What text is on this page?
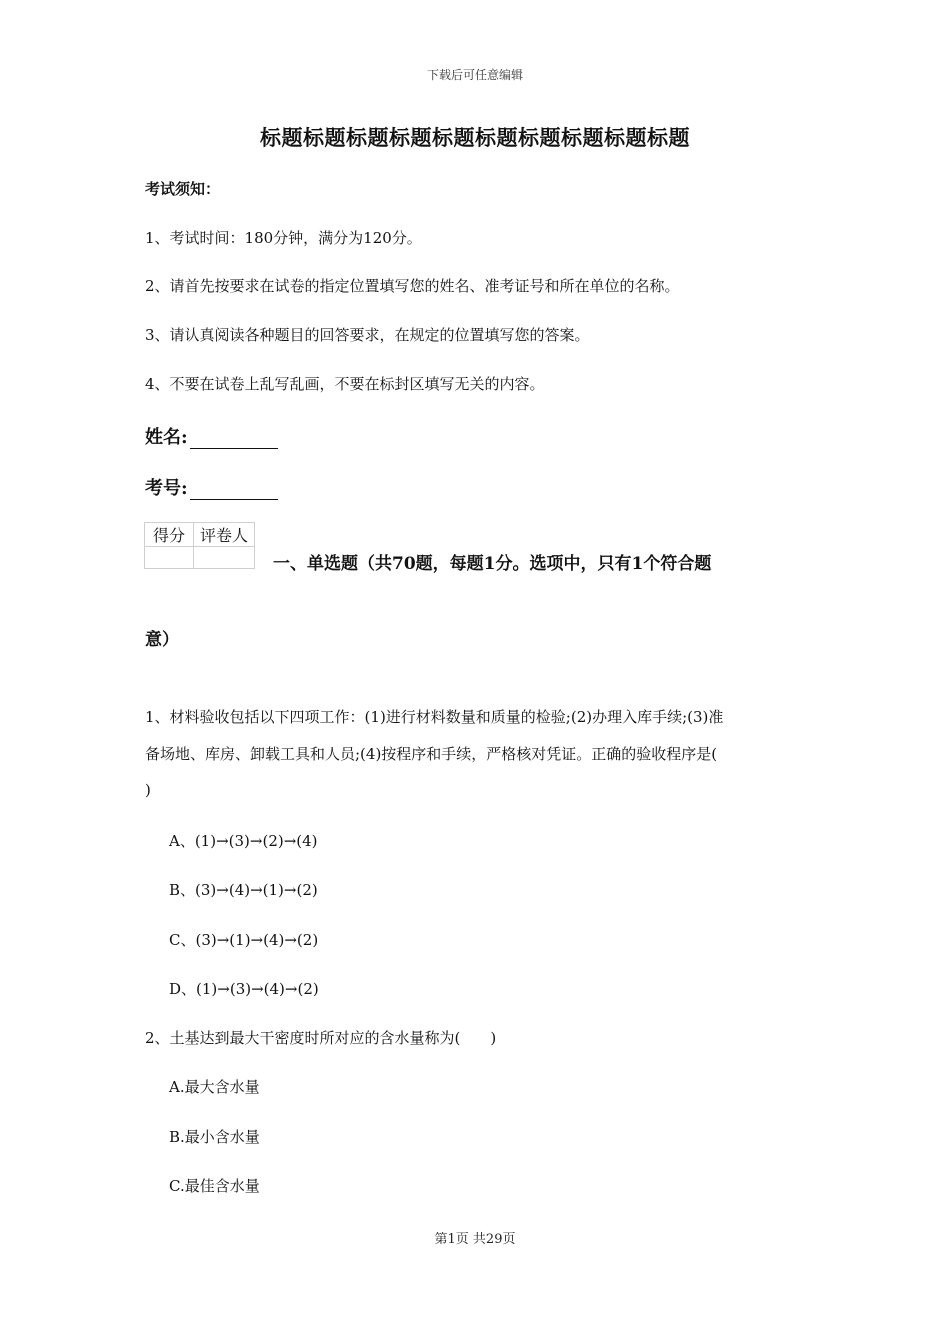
下载后可任意编辑
标题标题标题标题标题标题标题标题标题标题
考试须知：
1、考试时间：180分钟，满分为120分。
2、请首先按要求在试卷的指定位置填写您的姓名、准考证号和所在单位的名称。
3、请认真阅读各种题目的回答要求，在规定的位置填写您的答案。
4、不要在试卷上乱写乱画，不要在标封区填写无关的内容。
姓名:
考号:
得分	评卷人

一、单选题（共70题，每题1分。选项中，只有1个符合题
意）
1、材料验收包括以下四项工作：(1)进行材料数量和质量的检验;(2)办理入库手续;(3)准
备场地、库房、卸载工具和人员;(4)按程序和手续，严格核对凭证。正确的验收程序是(
)
A、(1)→(3)→(2)→(4)
B、(3)→(4)→(1)→(2)
C、(3)→(1)→(4)→(2)
D、(1)→(3)→(4)→(2)
2、土基达到最大干密度时所对应的含水量称为(　　)
A.最大含水量
B.最小含水量
C.最佳含水量
第1页 共29页
